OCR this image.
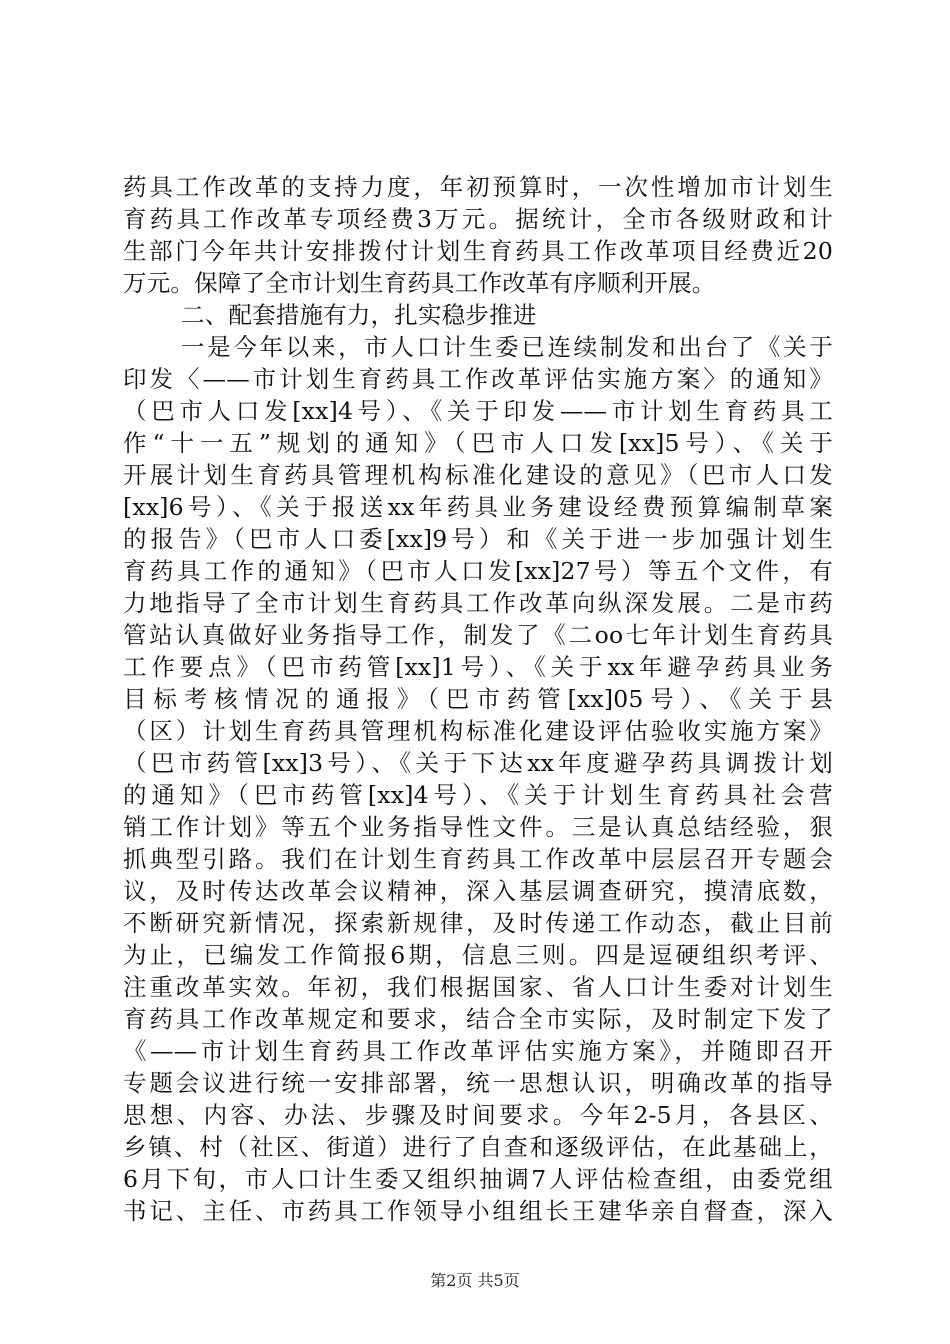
药具工作改革的支持力度，年初预算时，一次性增加市计划生
育药具工作改革专项经费3万元。据统计，全市各级财政和计
生部门今年共计安排拨付计划生育药具工作改革项目经费近20
万元。保障了全市计划生育药具工作改革有序顺利开展。
二、配套措施有力，扎实稳步推进
一是今年以来，市人口计生委已连续制发和出台了《关于
印发〈——市计划生育药具工作改革评估实施方案〉的通知》
（巴市人口发[xx]4号）、《关于印发——市计划生育药具工
作“十一五”规划的通知》（巴市人口发[xx]5号）、《关于
开展计划生育药具管理机构标准化建设的意见》（巴市人口发
[xx]6号）、《关于报送xx年药具业务建设经费预算编制草案
的报告》（巴市人口委[xx]9号）和《关于进一步加强计划生
育药具工作的通知》（巴市人口发[xx]27号）等五个文件，有
力地指导了全市计划生育药具工作改革向纵深发展。二是市药
管站认真做好业务指导工作，制发了《二oo七年计划生育药具
工作要点》（巴市药管[xx]1号）、《关于xx年避孕药具业务
目标考核情况的通报》（巴市药管[xx]05号）、《关于县
（区）计划生育药具管理机构标准化建设评估验收实施方案》
（巴市药管[xx]3号）、《关于下达xx年度避孕药具调拨计划
的通知》（巴市药管[xx]4号）、《关于计划生育药具社会营
销工作计划》等五个业务指导性文件。三是认真总结经验，狠
抓典型引路。我们在计划生育药具工作改革中层层召开专题会
议，及时传达改革会议精神，深入基层调查研究，摸清底数，
不断研究新情况，探索新规律，及时传递工作动态，截止目前
为止，已编发工作简报6期，信息三则。四是逗硬组织考评、
注重改革实效。年初，我们根据国家、省人口计生委对计划生
育药具工作改革规定和要求，结合全市实际，及时制定下发了
《——市计划生育药具工作改革评估实施方案》，并随即召开
专题会议进行统一安排部署，统一思想认识，明确改革的指导
思想、内容、办法、步骤及时间要求。今年2-5月，各县区、
乡镇、村（社区、街道）进行了自查和逐级评估，在此基础上，
6月下旬，市人口计生委又组织抽调7人评估检查组，由委党组
书记、主任、市药具工作领导小组组长王建华亲自督查，深入
第2页 共5页
